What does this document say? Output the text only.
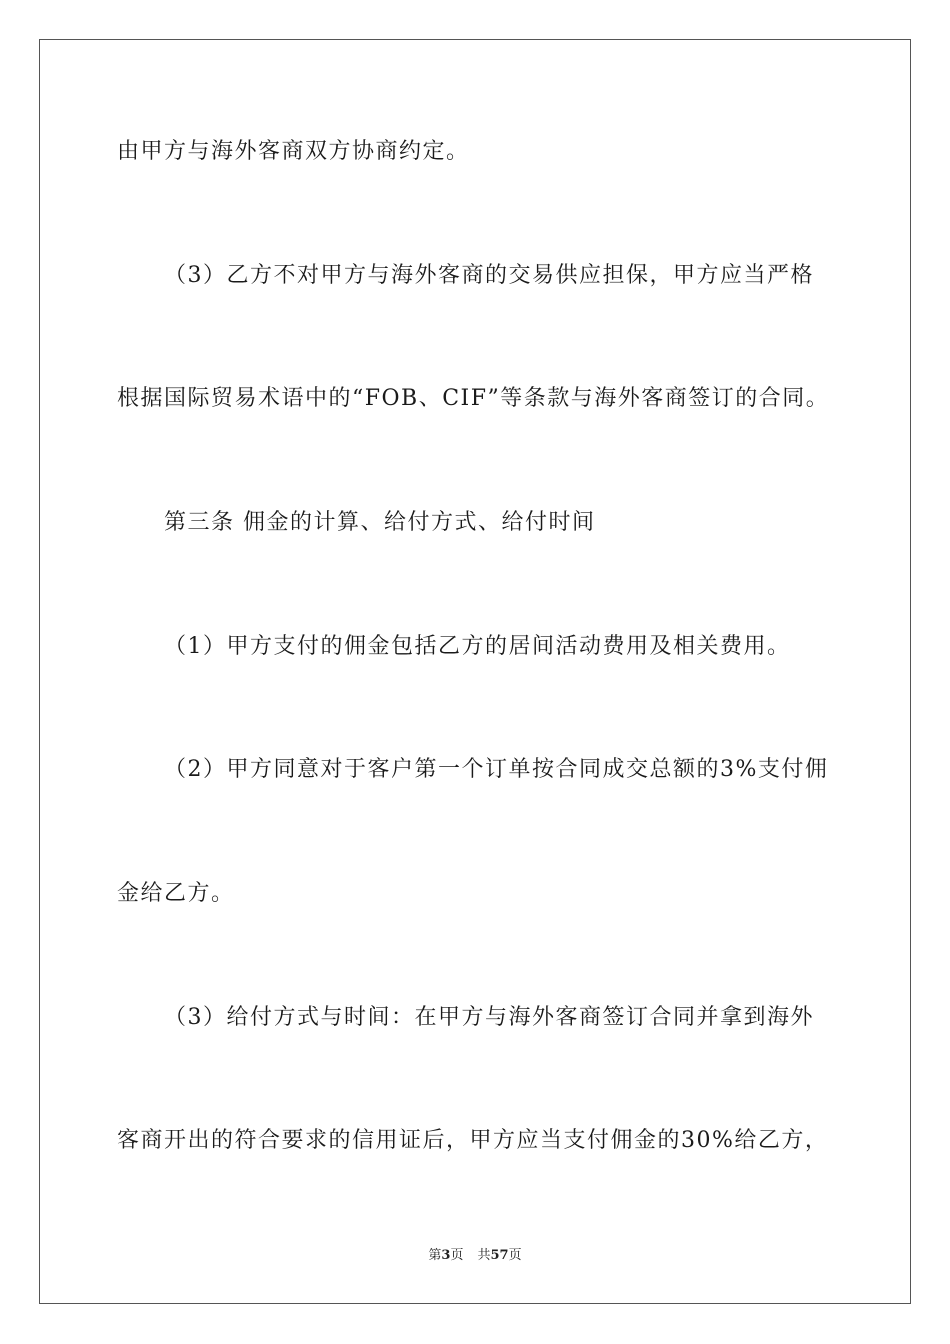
由甲方与海外客商双方协商约定。
（3）乙方不对甲方与海外客商的交易供应担保，甲方应当严格
根据国际贸易术语中的“FOB、CIF”等条款与海外客商签订的合同。
第三条 佣金的计算、给付方式、给付时间
（1）甲方支付的佣金包括乙方的居间活动费用及相关费用。
（2）甲方同意对于客户第一个订单按合同成交总额的3%支付佣
金给乙方。
（3）给付方式与时间：在甲方与海外客商签订合同并拿到海外
客商开出的符合要求的信用证后，甲方应当支付佣金的30%给乙方，
第3页 共57页
